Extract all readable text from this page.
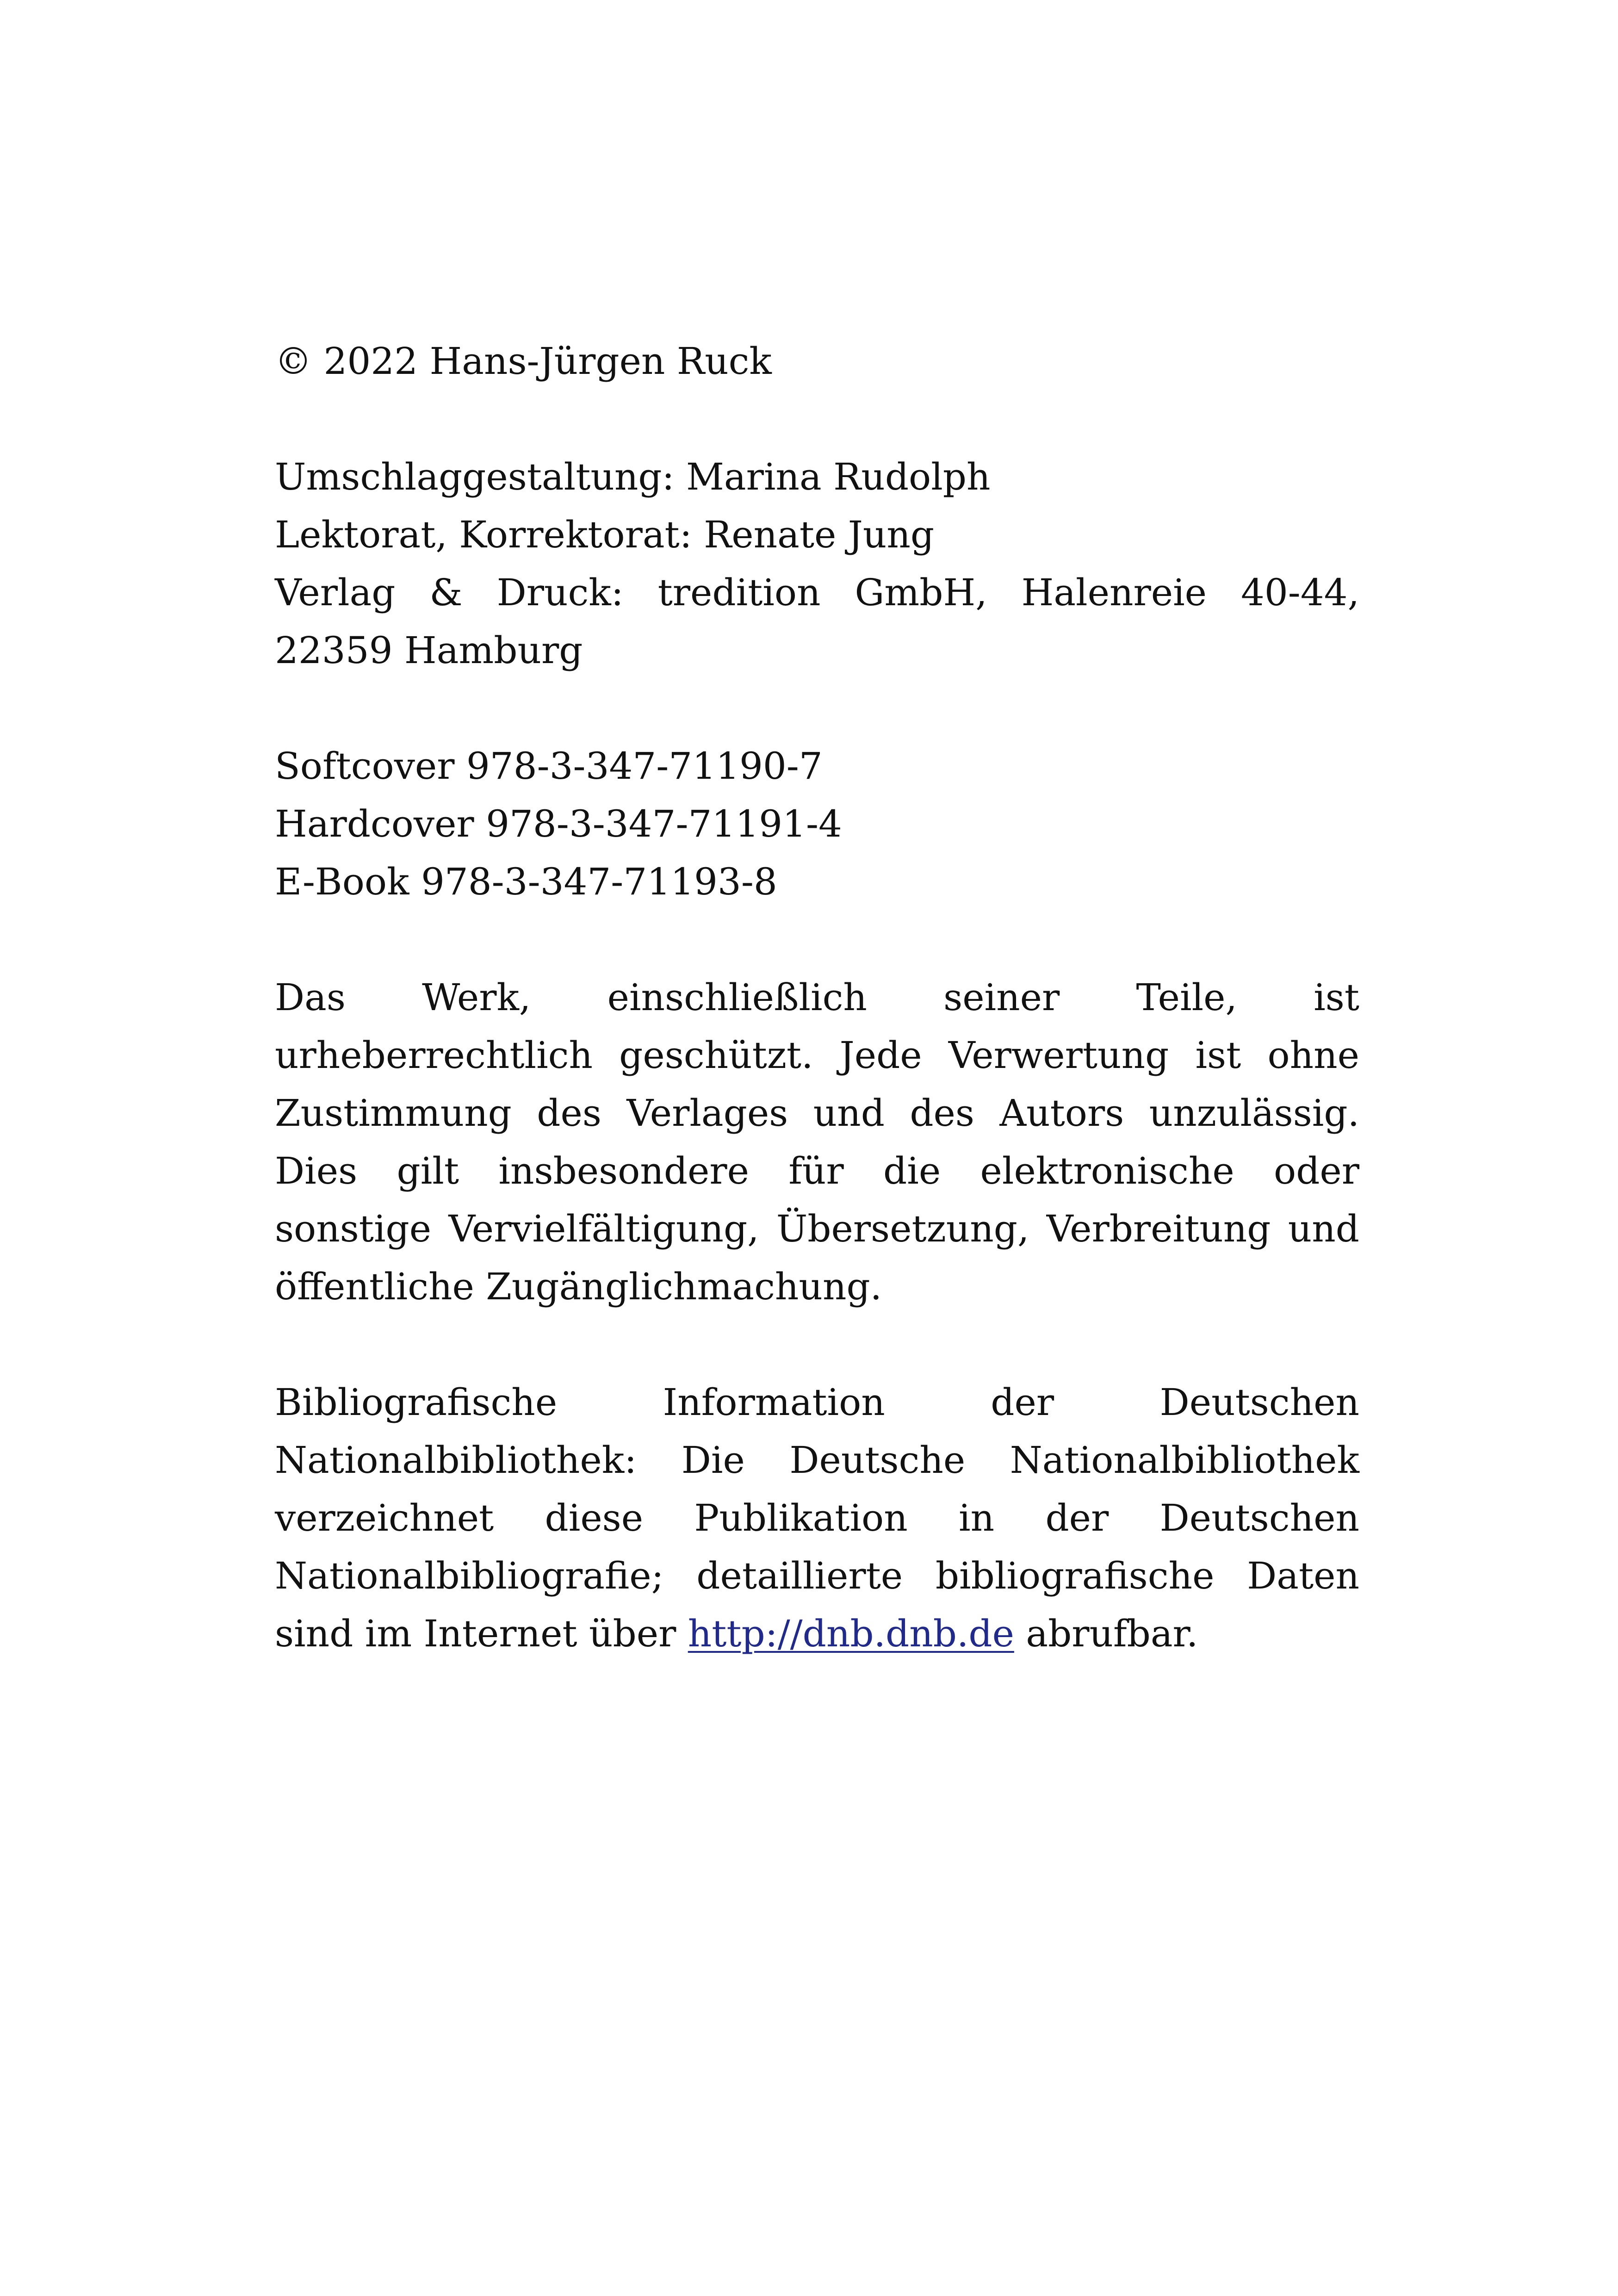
© 2022 Hans-Jürgen Ruck

Umschlaggestaltung: Marina Rudolph

Lektorat, Korrektorat: Renate Jung

Verlag & Druck: tredition GmbH, Halenreie 40-44,

22359 Hamburg

Softcover 978-3-347-71190-7

Hardcover 978-3-347-71191-4

E-Book 978-3-347-71193-8

Das Werk, einschließlich seiner Teile, ist urheberrechtlich geschützt. Jede Verwertung ist ohne Zustimmung des Verlages und des Autors unzulässig. Dies gilt insbesondere für die elektronische oder sonstige Vervielfältigung, Übersetzung, Verbreitung und öffentliche Zugänglichmachung.

Bibliografische Information der Deutschen Nationalbibliothek: Die Deutsche Nationalbibliothek verzeichnet diese Publikation in der Deutschen Nationalbibliografie; detaillierte bibliografische Daten sind im Internet über http://dnb.dnb.de abrufbar.
